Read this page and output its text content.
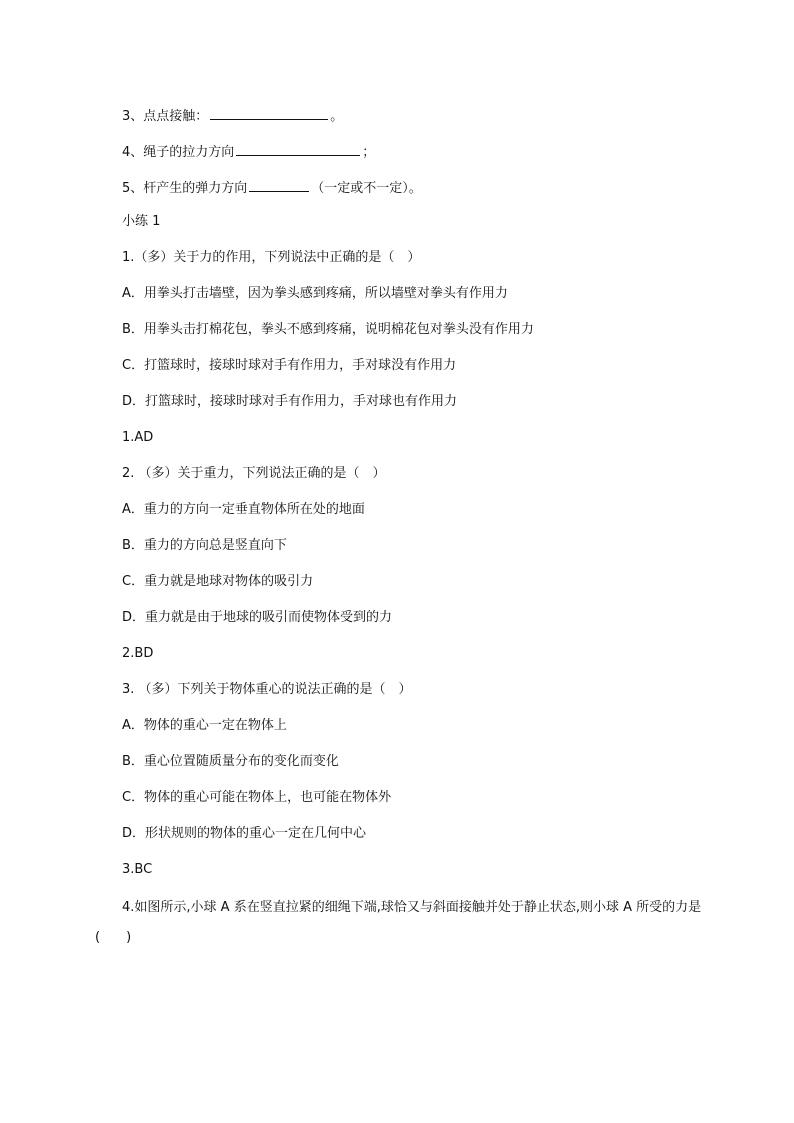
3、点点接触：	。
4、绳子的拉力方向	；
5、杆产生的弹力方向	（一定或不一定）。
小练 1
1.（多）关于力的作用，下列说法中正确的是（　）
A．用拳头打击墙壁，因为拳头感到疼痛，所以墙壁对拳头有作用力
B．用拳头击打棉花包，拳头不感到疼痛，说明棉花包对拳头没有作用力
C．打篮球时，接球时球对手有作用力，手对球没有作用力
D．打篮球时，接球时球对手有作用力，手对球也有作用力
1.AD
2. （多）关于重力，下列说法正确的是（　）
A．重力的方向一定垂直物体所在处的地面
B．重力的方向总是竖直向下
C．重力就是地球对物体的吸引力
D．重力就是由于地球的吸引而使物体受到的力
2.BD
3. （多）下列关于物体重心的说法正确的是（　）
A．物体的重心一定在物体上
B．重心位置随质量分布的变化而变化
C．物体的重心可能在物体上，也可能在物体外
D．形状规则的物体的重心一定在几何中心
3.BC
4.如图所示,小球 A 系在竖直拉紧的细绳下端,球恰又与斜面接触并处于静止状态,则小球 A 所受的力是(　　)
